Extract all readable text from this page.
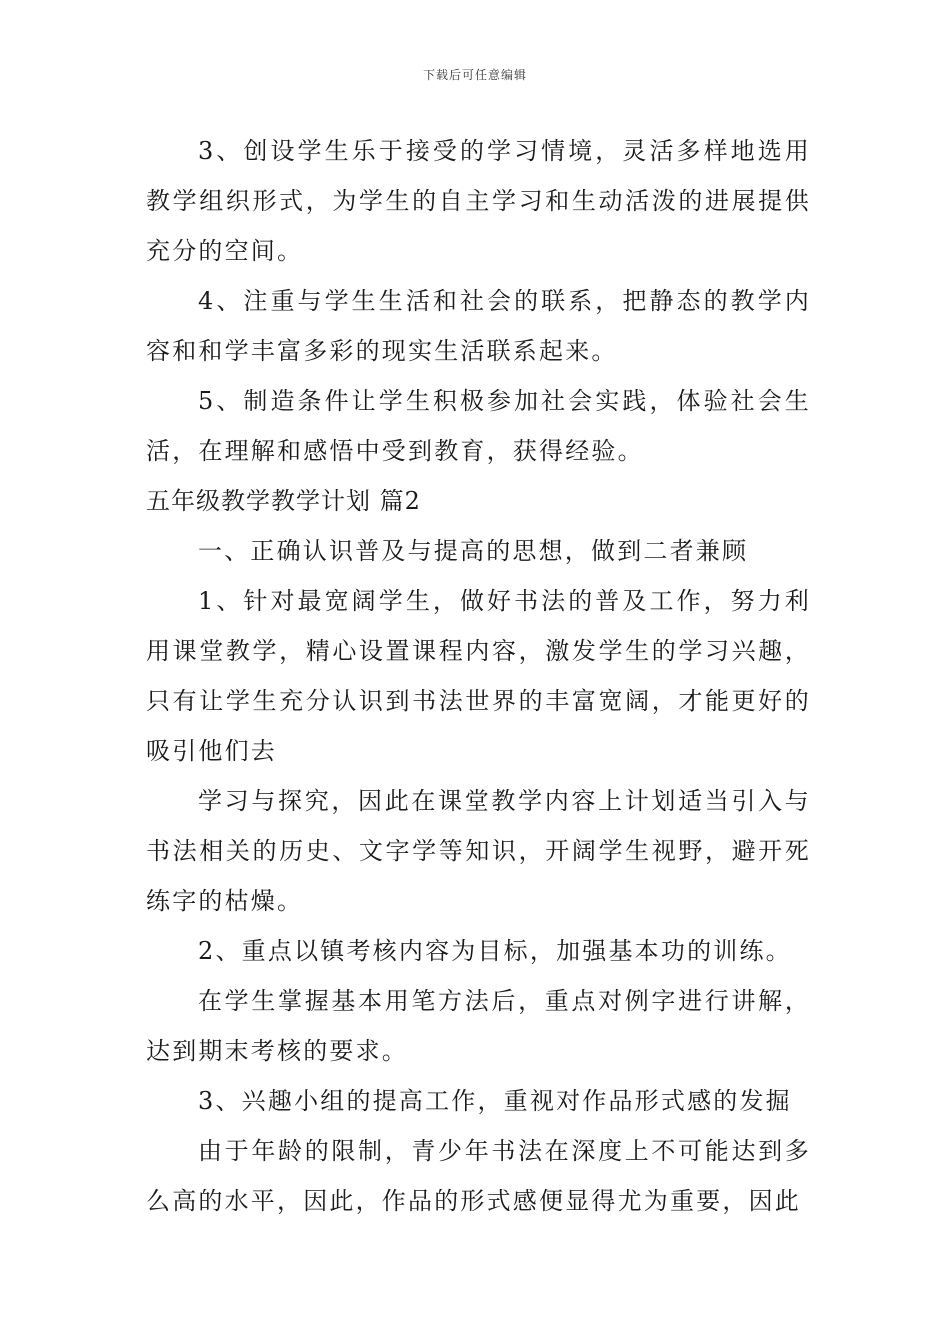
下载后可任意编辑

3、创设学生乐于接受的学习情境，灵活多样地选用教学组织形式，为学生的自主学习和生动活泼的进展提供充分的空间。

4、注重与学生生活和社会的联系，把静态的教学内容和和学丰富多彩的现实生活联系起来。

5、制造条件让学生积极参加社会实践，体验社会生活，在理解和感悟中受到教育，获得经验。

五年级教学教学计划 篇2

一、正确认识普及与提高的思想，做到二者兼顾

1、针对最宽阔学生，做好书法的普及工作，努力利用课堂教学，精心设置课程内容，激发学生的学习兴趣，只有让学生充分认识到书法世界的丰富宽阔，才能更好的吸引他们去

学习与探究，因此在课堂教学内容上计划适当引入与书法相关的历史、文字学等知识，开阔学生视野，避开死练字的枯燥。

2、重点以镇考核内容为目标，加强基本功的训练。

在学生掌握基本用笔方法后，重点对例字进行讲解，达到期末考核的要求。

3、兴趣小组的提高工作，重视对作品形式感的发掘

由于年龄的限制，青少年书法在深度上不可能达到多么高的水平，因此，作品的形式感便显得尤为重要，因此
